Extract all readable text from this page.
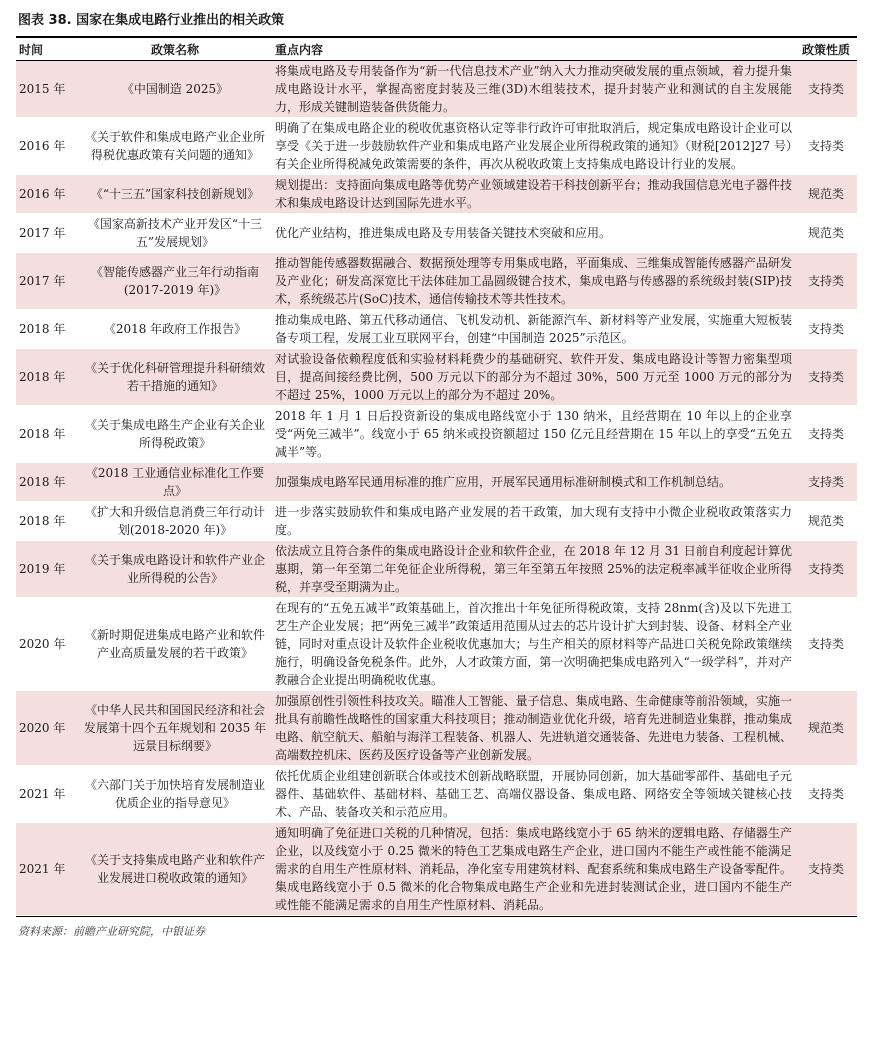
图表 38. 国家在集成电路行业推出的相关政策
时间	政策名称	重点内容	政策性质
2015 年	《中国制造 2025》	将集成电路及专用装备作为“新一代信息技术产业”纳入大力推动突破发展的重点领域，着力提升集成电路设计水平，掌握高密度封装及三维(3D)木组装技术，提升封装产业和测试的自主发展能力，形成关键制造装备供货能力。	支持类
2016 年	《关于软件和集成电路产业企业所得税优惠政策有关问题的通知》	明确了在集成电路企业的税收优惠资格认定等非行政许可审批取消后，规定集成电路设计企业可以享受《关于进一步鼓励软件产业和集成电路产业发展企业所得税政策的通知》（财税[2012]27 号）有关企业所得税减免政策需要的条件，再次从税收政策上支持集成电路设计行业的发展。	支持类
2016 年	《“十三五”国家科技创新规划》	规划提出：支持面向集成电路等优势产业领域建设若干科技创新平台；推动我国信息光电子器件技术和集成电路设计达到国际先进水平。	规范类
2017 年	《国家高新技术产业开发区“十三五”发展规划》	优化产业结构，推进集成电路及专用装备关键技术突破和应用。	规范类
2017 年	《智能传感器产业三年行动指南(2017-2019 年)》	推动智能传感器数据融合、数据预处理等专用集成电路，平面集成、三维集成智能传感器产品研发及产业化；研发高深宽比干法体硅加工晶圆级键合技术，集成电路与传感器的系统级封装(SIP)技术，系统级芯片(SoC)技术，通信传输技术等共性技术。	支持类
2018 年	《2018 年政府工作报告》	推动集成电路、第五代移动通信、飞机发动机、新能源汽车、新材料等产业发展，实施重大短板装备专项工程，发展工业互联网平台，创建“中国制造 2025”示范区。	支持类
2018 年	《关于优化科研管理提升科研绩效若干措施的通知》	对试验设备依赖程度低和实验材料耗费少的基础研究、软件开发、集成电路设计等智力密集型项目，提高间接经费比例，500 万元以下的部分为不超过 30%，500 万元至 1000 万元的部分为不超过 25%，1000 万元以上的部分为不超过 20%。	支持类
2018 年	《关于集成电路生产企业有关企业所得税政策》	2018 年 1 月 1 日后投资新设的集成电路线宽小于 130 纳米，且经营期在 10 年以上的企业享受“两免三减半”。线宽小于 65 纳米或投资额超过 150 亿元且经营期在 15 年以上的享受“五免五减半”等。	支持类
2018 年	《2018 工业通信业标准化工作要点》	加强集成电路军民通用标准的推广应用，开展军民通用标准研制模式和工作机制总结。	支持类
2018 年	《扩大和升级信息消费三年行动计划(2018-2020 年)》	进一步落实鼓励软件和集成电路产业发展的若干政策，加大现有支持中小微企业税收政策落实力度。	规范类
2019 年	《关于集成电路设计和软件产业企业所得税的公告》	依法成立且符合条件的集成电路设计企业和软件企业，在 2018 年 12 月 31 日前自利度起计算优惠期，第一年至第二年免征企业所得税，第三年至第五年按照 25%的法定税率减半征收企业所得税，并享受至期满为止。	支持类
2020 年	《新时期促进集成电路产业和软件产业高质量发展的若干政策》	在现有的“五免五减半”政策基础上，首次推出十年免征所得税政策，支持 28nm(含)及以下先进工艺生产企业发展；把“两免三减半”政策适用范围从过去的芯片设计扩大到封装、设备、材料全产业链，同时对重点设计及软件企业税收优惠加大；与生产相关的原材料等产品进口关税免除政策继续施行，明确设备免税条件。此外，人才政策方面，第一次明确把集成电路列入“一级学科”，并对产教融合企业提出明确税收优惠。	支持类
2020 年	《中华人民共和国国民经济和社会发展第十四个五年规划和 2035 年远景目标纲要》	加强原创性引领性科技攻关。瞄准人工智能、量子信息、集成电路、生命健康等前沿领域，实施一批具有前瞻性战略性的国家重大科技项目；推动制造业优化升级，培育先进制造业集群，推动集成电路、航空航天、船舶与海洋工程装备、机器人、先进轨道交通装备、先进电力装备、工程机械、高端数控机床、医药及医疗设备等产业创新发展。	规范类
2021 年	《六部门关于加快培育发展制造业优质企业的指导意见》	依托优质企业组建创新联合体或技术创新战略联盟，开展协同创新，加大基础零部件、基础电子元器件、基础软件、基础材料、基础工艺、高端仪器设备、集成电路、网络安全等领域关键核心技术、产品、装备攻关和示范应用。	支持类
2021 年	《关于支持集成电路产业和软件产业发展进口税收政策的通知》	通知明确了免征进口关税的几种情况，包括：集成电路线宽小于 65 纳米的逻辑电路、存储器生产企业，以及线宽小于 0.25 微米的特色工艺集成电路生产企业，进口国内不能生产或性能不能满足需求的自用生产性原材料、消耗品，净化室专用建筑材料、配套系统和集成电路生产设备零配件。集成电路线宽小于 0.5 微米的化合物集成电路生产企业和先进封装测试企业，进口国内不能生产或性能不能满足需求的自用生产性原材料、消耗品。	支持类
资料来源：前瞻产业研究院，中银证券
